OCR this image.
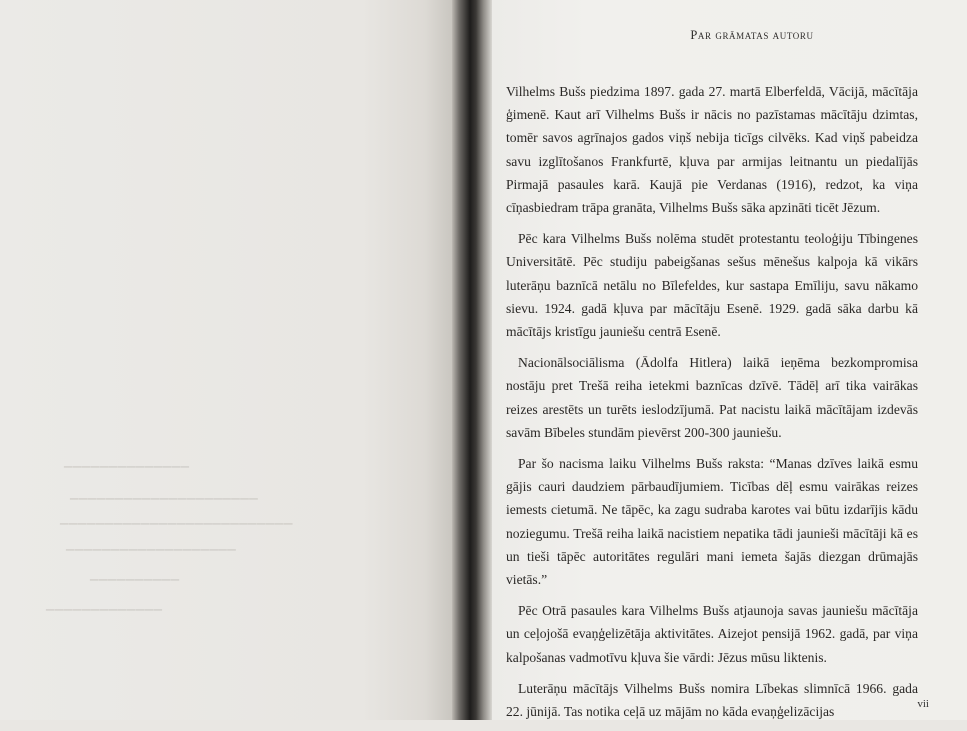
▁▁▁▁▁▁▁▁▁▁▁▁▁▁
▁▁▁▁▁▁▁▁▁▁▁▁▁▁▁▁▁▁▁▁▁
▁▁▁▁▁▁▁▁▁▁▁▁▁▁▁▁▁▁▁▁▁▁▁▁▁▁
▁▁▁▁▁▁▁▁▁▁▁▁▁▁▁▁▁▁▁
▁▁▁▁▁▁▁▁▁▁
▁▁▁▁▁▁▁▁▁▁▁▁▁
Par grāmatas autoru

Vilhelms Bušs piedzima 1897. gada 27. martā Elberfeldā, Vācijā, mācītāja ģimenē. Kaut arī Vilhelms Bušs ir nācis no pazīstamas mācītāju dzimtas, tomēr savos agrīnajos gados viņš nebija ticīgs cilvēks. Kad viņš pabeidza savu izglītošanos Frankfurtē, kļuva par armijas leitnantu un piedalījās Pirmajā pasaules karā. Kaujā pie Verdanas (1916), redzot, ka viņa cīņasbiedram trāpa granāta, Vilhelms Bušs sāka apzināti ticēt Jēzum.

Pēc kara Vilhelms Bušs nolēma studēt protestantu teoloģiju Tībingenes Universitātē. Pēc studiju pabeigšanas sešus mēnešus kalpoja kā vikārs luterāņu baznīcā netālu no Bīlefeldes, kur sastapa Emīliju, savu nākamo sievu. 1924. gadā kļuva par mācītāju Esenē. 1929. gadā sāka darbu kā mācītājs kristīgu jauniešu centrā Esenē.

Nacionālsociālisma (Ādolfa Hitlera) laikā ieņēma bezkompromisa nostāju pret Trešā reiha ietekmi baznīcas dzīvē. Tādēļ arī tika vairākas reizes arestēts un turēts ieslodzījumā. Pat nacistu laikā mācītājam izdevās savām Bībeles stundām pievērst 200-300 jauniešu.

Par šo nacisma laiku Vilhelms Bušs raksta: “Manas dzīves laikā esmu gājis cauri daudziem pārbaudījumiem. Ticības dēļ esmu vairākas reizes iemests cietumā. Ne tāpēc, ka zagu sudraba karotes vai būtu izdarījis kādu noziegumu. Trešā reiha laikā nacistiem nepatika tādi jaunieši mācītāji kā es un tieši tāpēc autoritātes regulāri mani iemeta šajās diezgan drūmajās vietās.”

Pēc Otrā pasaules kara Vilhelms Bušs atjaunoja savas jauniešu mācītāja un ceļojošā evaņģelizētāja aktivitātes. Aizejot pensijā 1962. gadā, par viņa kalpošanas vadmotīvu kļuva šie vārdi: Jēzus mūsu liktenis.

Luterāņu mācītājs Vilhelms Bušs nomira Lībekas slimnīcā 1966. gada 22. jūnijā. Tas notika ceļā uz mājām no kāda evaņģelizācijas

vii
